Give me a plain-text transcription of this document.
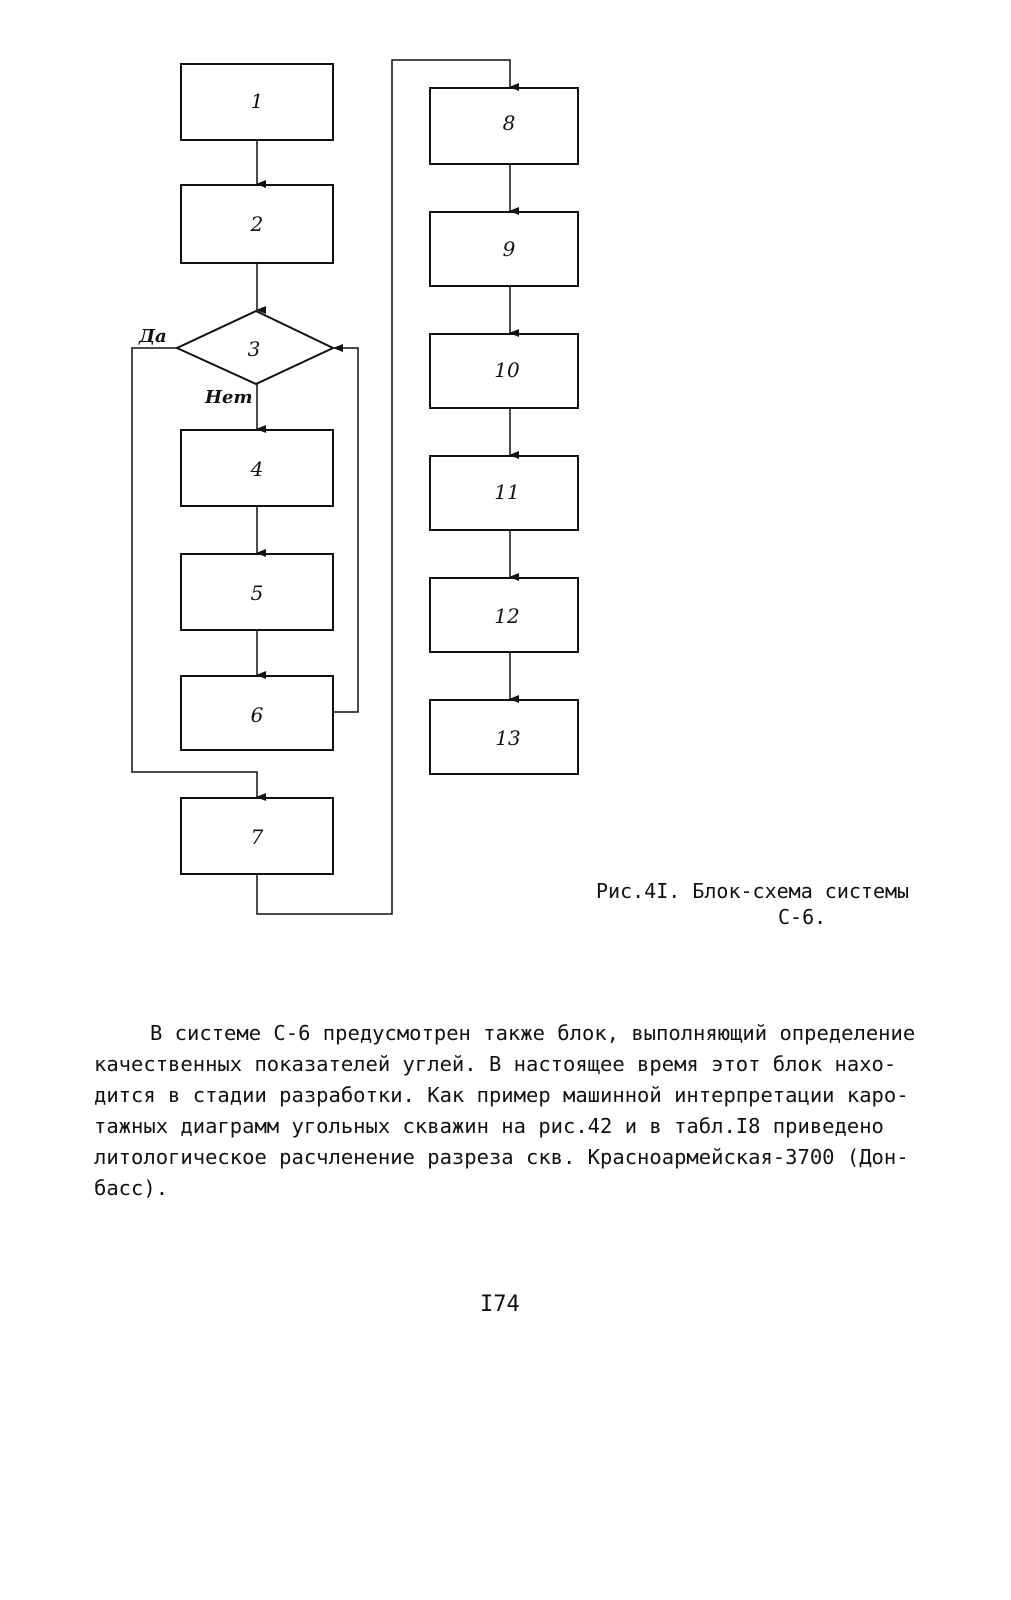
1
2
3
4
5
6
7
8
9
10
11
12
13
Да
Нет
Рис.4I. Блок-схема системы
С-6.
В системе С-6 предусмотрен также блок, выполняющий определение
качественных показателей углей. В настоящее время этот блок нахо-
дится в стадии разработки. Как пример машинной интерпретации каро-
тажных диаграмм угольных скважин на рис.42 и в табл.I8 приведено
литологическое расчленение разреза скв. Красноармейская-3700 (Дон-
басс).
I74
